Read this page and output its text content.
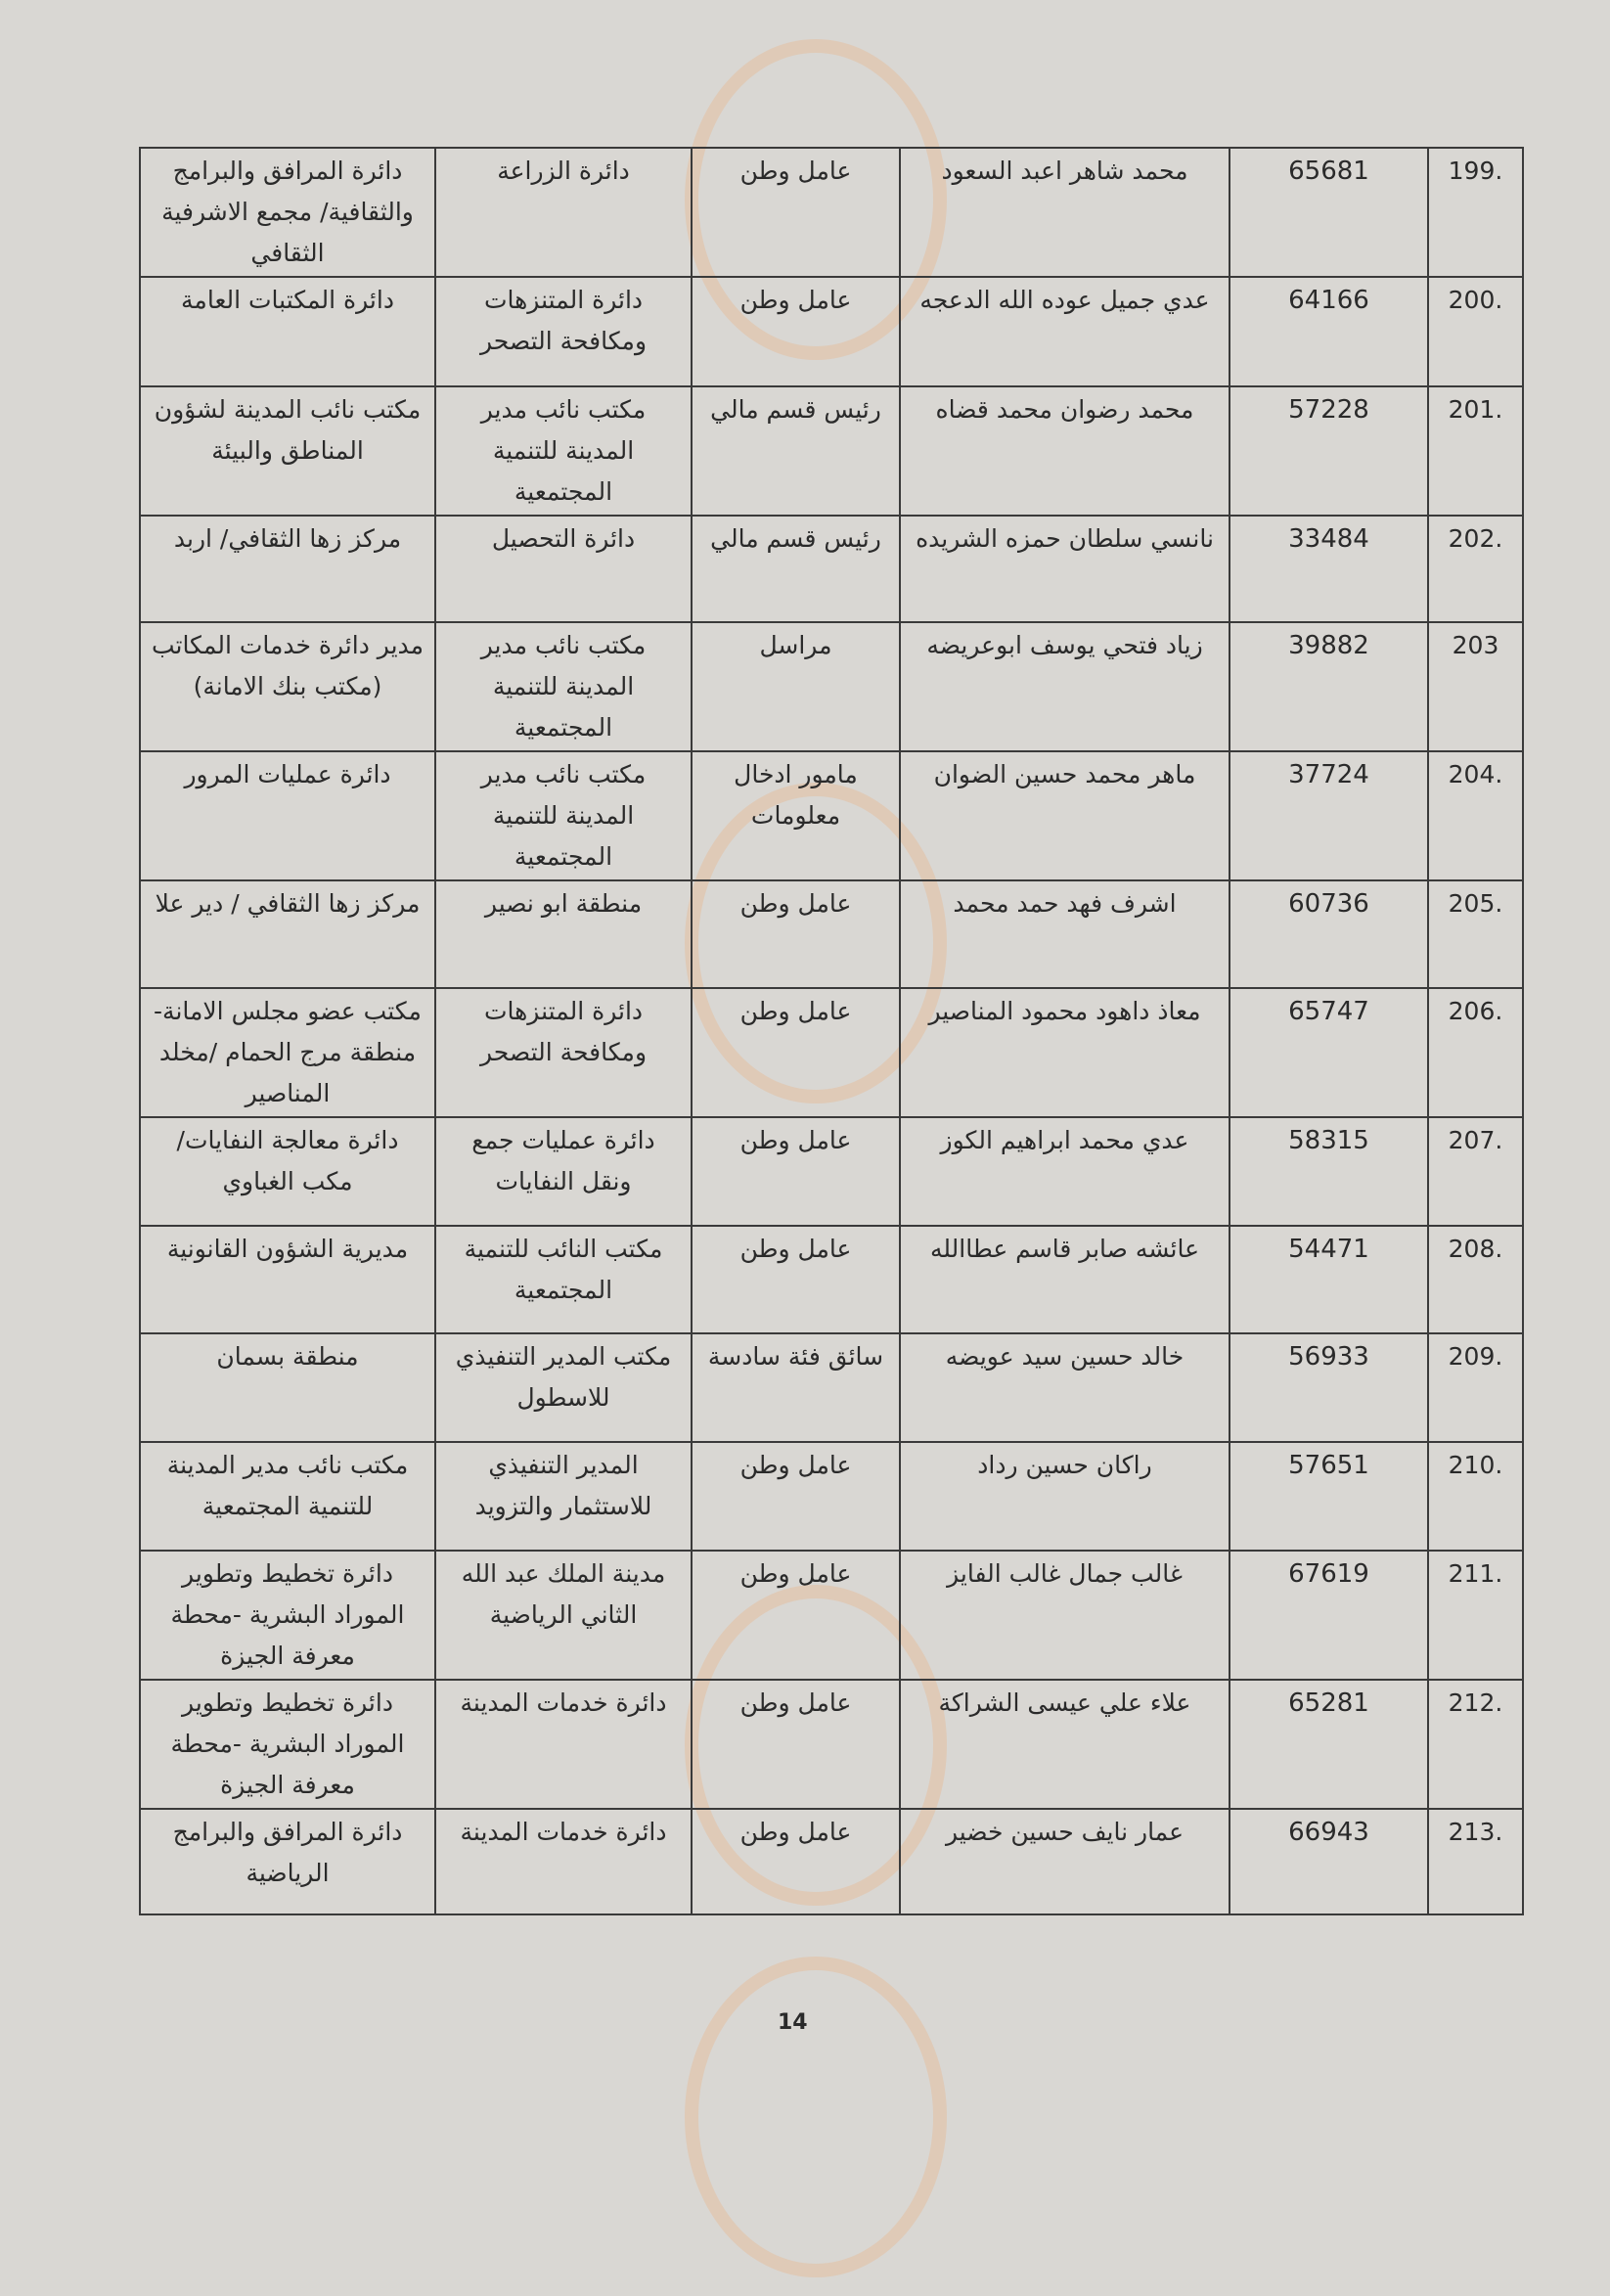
.199	65681	محمد شاهر اعبد السعود	عامل وطن	دائرة الزراعة	دائرة المرافق والبرامج والثقافية/ مجمع الاشرفية الثقافي
.200	64166	عدي جميل عوده الله الدعجه	عامل وطن	دائرة المتنزهات ومكافحة التصحر	دائرة المكتبات العامة
.201	57228	محمد رضوان محمد قضاه	رئيس قسم مالي	مكتب نائب مدير المدينة للتنمية المجتمعية	مكتب نائب المدينة لشؤون المناطق والبيئة
.202	33484	نانسي سلطان حمزه الشريده	رئيس قسم مالي	دائرة التحصيل	مركز زها الثقافي/ اربد
203	39882	زياد فتحي يوسف ابوعريضه	مراسل	مكتب نائب مدير المدينة للتنمية المجتمعية	مدير دائرة خدمات المكاتب (مكتب بنك الامانة)
.204	37724	ماهر محمد حسين الضوان	مامور ادخال معلومات	مكتب نائب مدير المدينة للتنمية المجتمعية	دائرة عمليات المرور
.205	60736	اشرف فهد حمد محمد	عامل وطن	منطقة ابو نصير	مركز زها الثقافي / دير علا
.206	65747	معاذ داهود محمود المناصير	عامل وطن	دائرة المتنزهات ومكافحة التصحر	مكتب عضو مجلس الامانة- منطقة مرج الحمام /مخلد المناصير
.207	58315	عدي محمد ابراهيم الكوز	عامل وطن	دائرة عمليات جمع ونقل النفايات	دائرة معالجة النفايات/ مكب الغباوي
.208	54471	عائشه صابر قاسم عطاالله	عامل وطن	مكتب النائب للتنمية المجتمعية	مديرية الشؤون القانونية
.209	56933	خالد حسين سيد عويضه	سائق فئة سادسة	مكتب المدير التنفيذي للاسطول	منطقة بسمان
.210	57651	راكان حسين رداد	عامل وطن	المدير التنفيذي للاستثمار والتزويد	مكتب نائب مدير المدينة للتنمية المجتمعية
.211	67619	غالب جمال غالب الفايز	عامل وطن	مدينة الملك عبد الله الثاني الرياضية	دائرة تخطيط وتطوير الموراد البشرية -محطة معرفة الجيزة
.212	65281	علاء علي عيسى الشراكة	عامل وطن	دائرة خدمات المدينة	دائرة تخطيط وتطوير الموراد البشرية -محطة معرفة الجيزة
.213	66943	عمار نايف حسين خضير	عامل وطن	دائرة خدمات المدينة	دائرة المرافق والبرامج الرياضية
14
